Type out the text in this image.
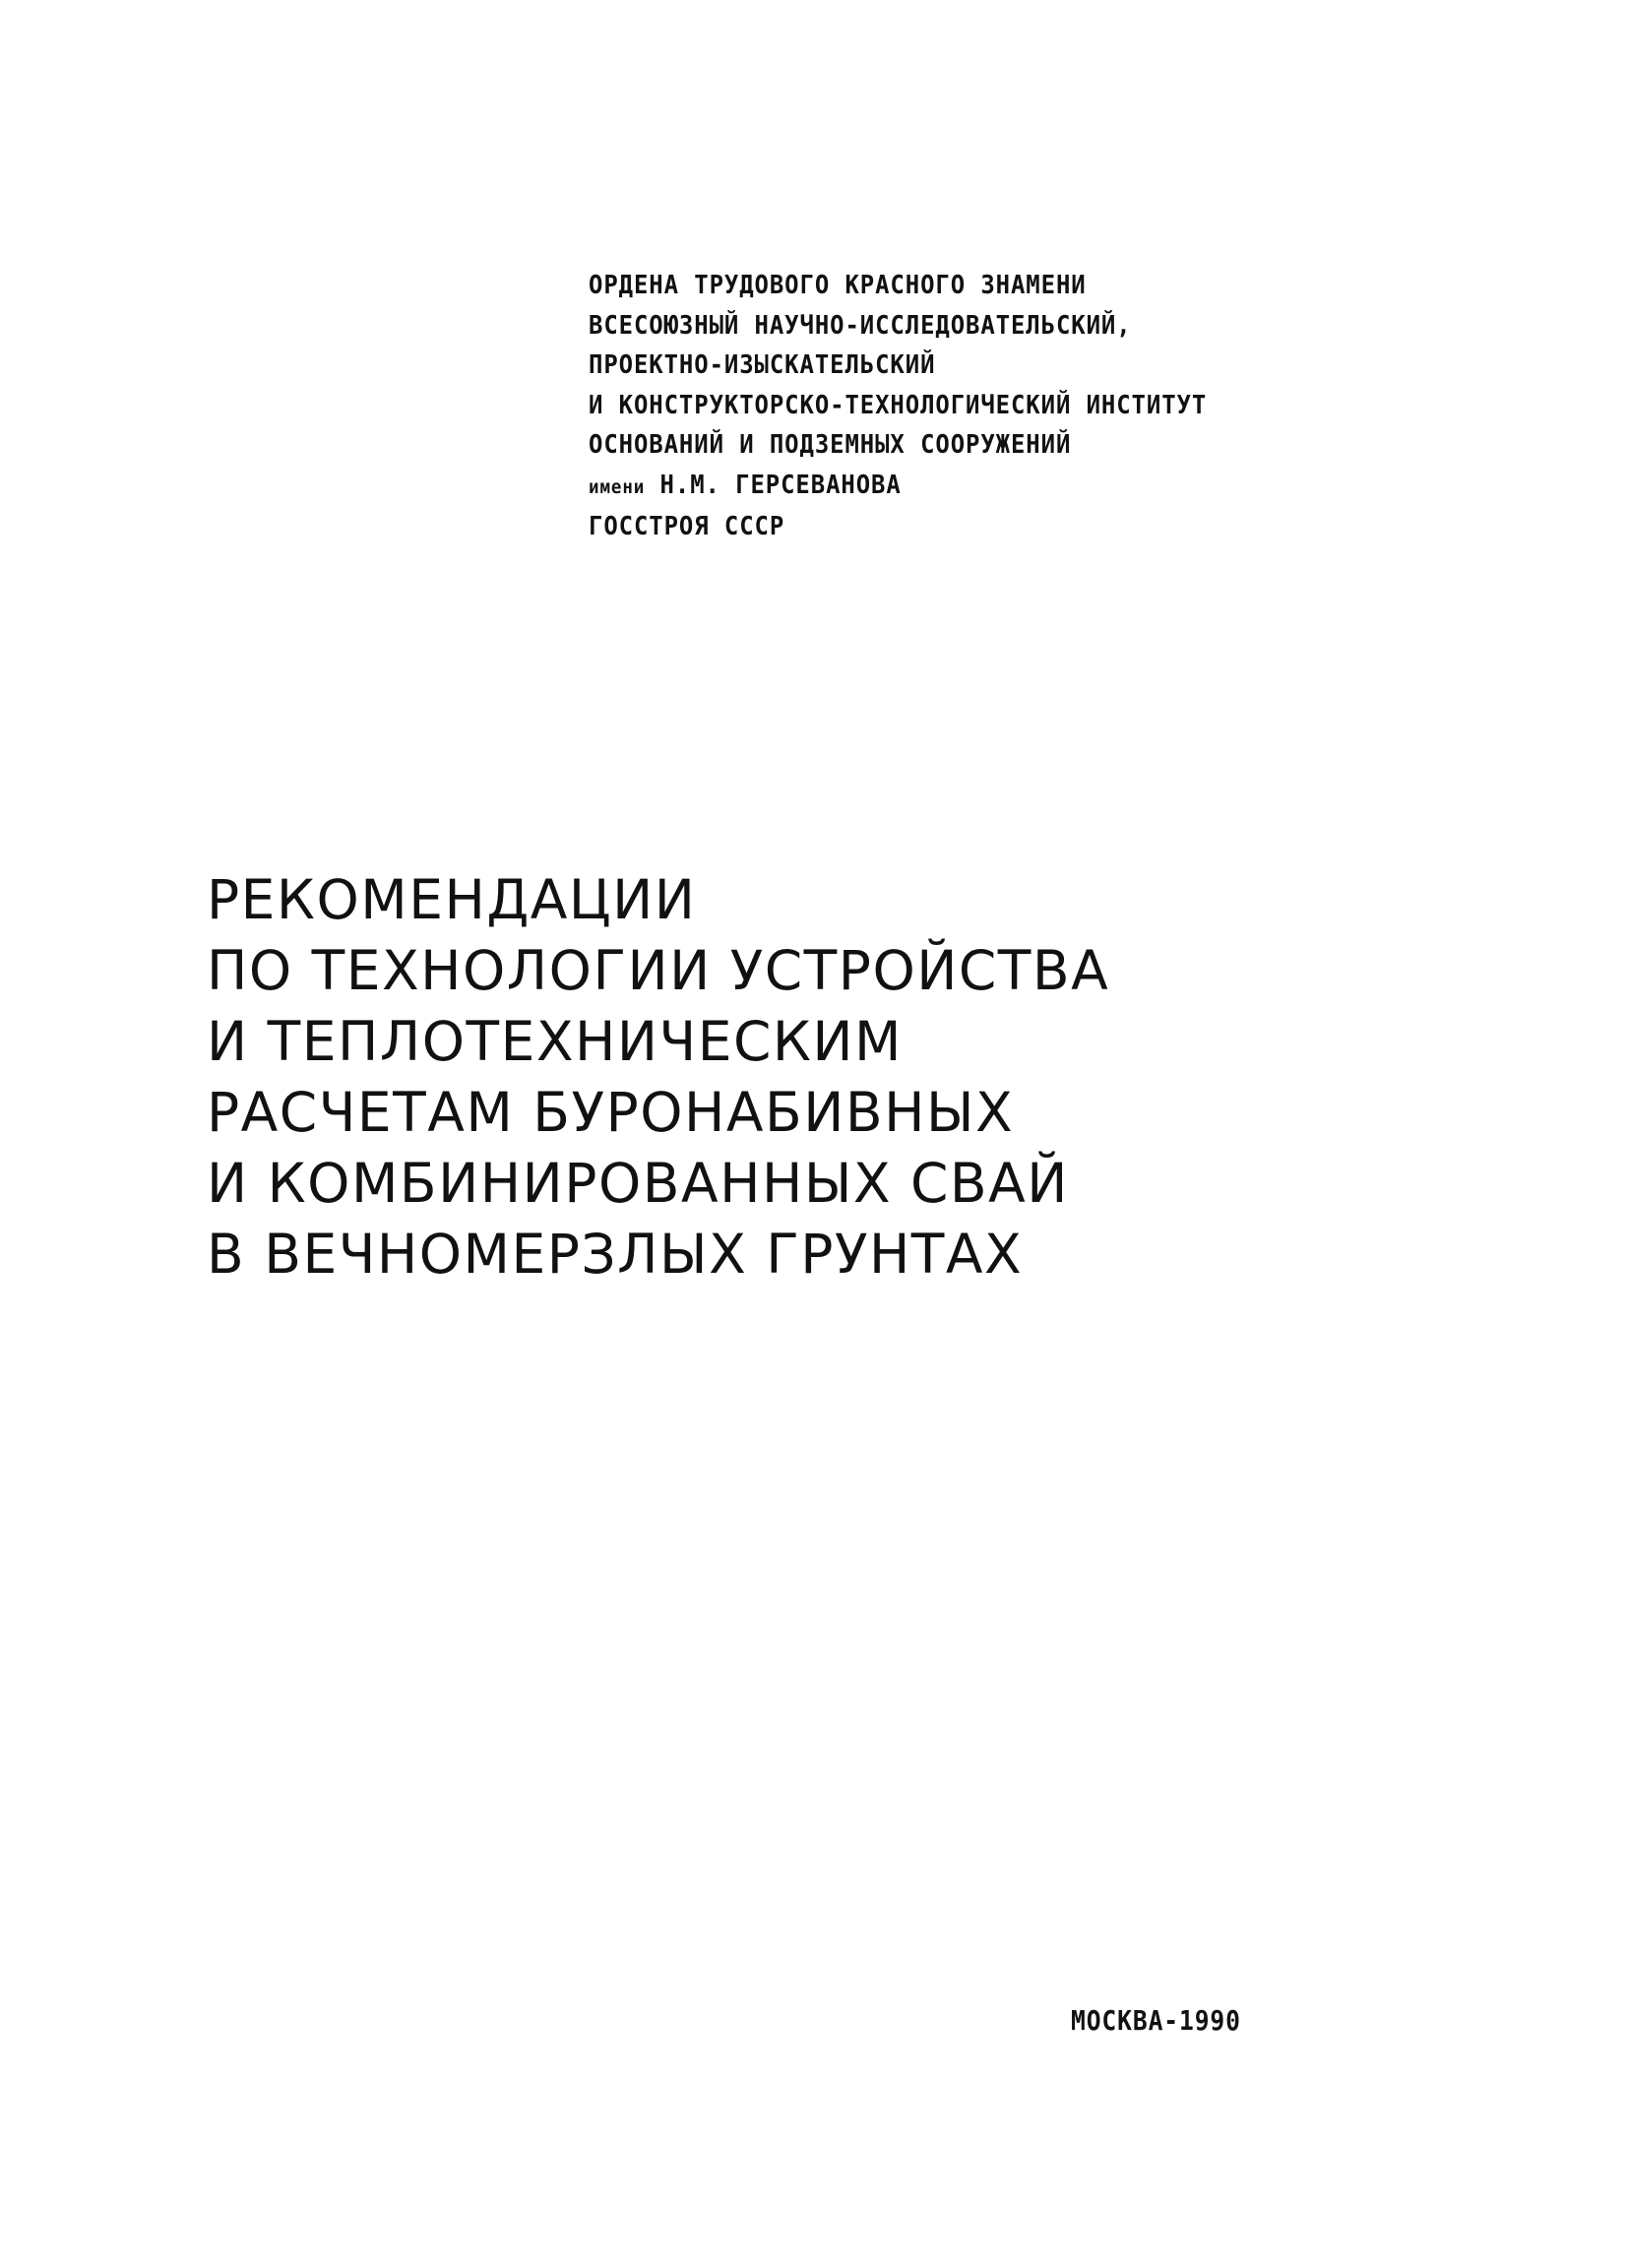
ОРДЕНА ТРУДОВОГО КРАСНОГО ЗНАМЕНИ
ВСЕСОЮЗНЫЙ НАУЧНО-ИССЛЕДОВАТЕЛЬСКИЙ,
ПРОЕКТНО-ИЗЫСКАТЕЛЬСКИЙ
И КОНСТРУКТОРСКО-ТЕХНОЛОГИЧЕСКИЙ ИНСТИТУТ
ОСНОВАНИЙ И ПОДЗЕМНЫХ СООРУЖЕНИЙ
имени Н.М. ГЕРСЕВАНОВА
ГОССТРОЯ СССР
РЕКОМЕНДАЦИИ
ПО ТЕХНОЛОГИИ УСТРОЙСТВА
И ТЕПЛОТЕХНИЧЕСКИМ
РАСЧЕТАМ БУРОНАБИВНЫХ
И КОМБИНИРОВАННЫХ СВАЙ
В ВЕЧНОМЕРЗЛЫХ ГРУНТАХ
МОСКВА-1990
